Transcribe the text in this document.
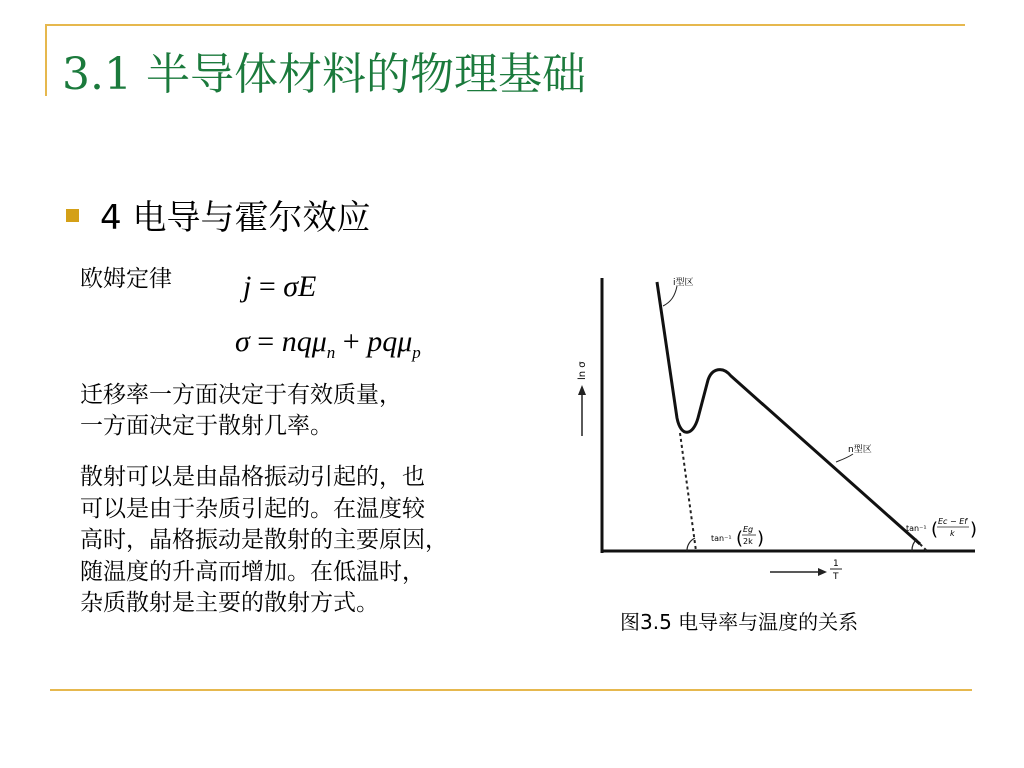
3.1 半导体材料的物理基础
4 电导与霍尔效应
欧姆定律 j = σE
σ = nqμ$_n$ + pqμ$_p$
迁移率一方面决定于有效质量，
一方面决定于散射几率。
散射可以是由晶格振动引起的，也
可以是由于杂质引起的。在温度较
高时，晶格振动是散射的主要原因，
随温度的升高而增加。在低温时，
杂质散射是主要的散射方式。
ln σ
1
T
i型区
n型区
tan⁻¹ ( Eg
2k )	tan⁻¹ ( Ec − Ef
k )
图3.5 电导率与温度的关系
